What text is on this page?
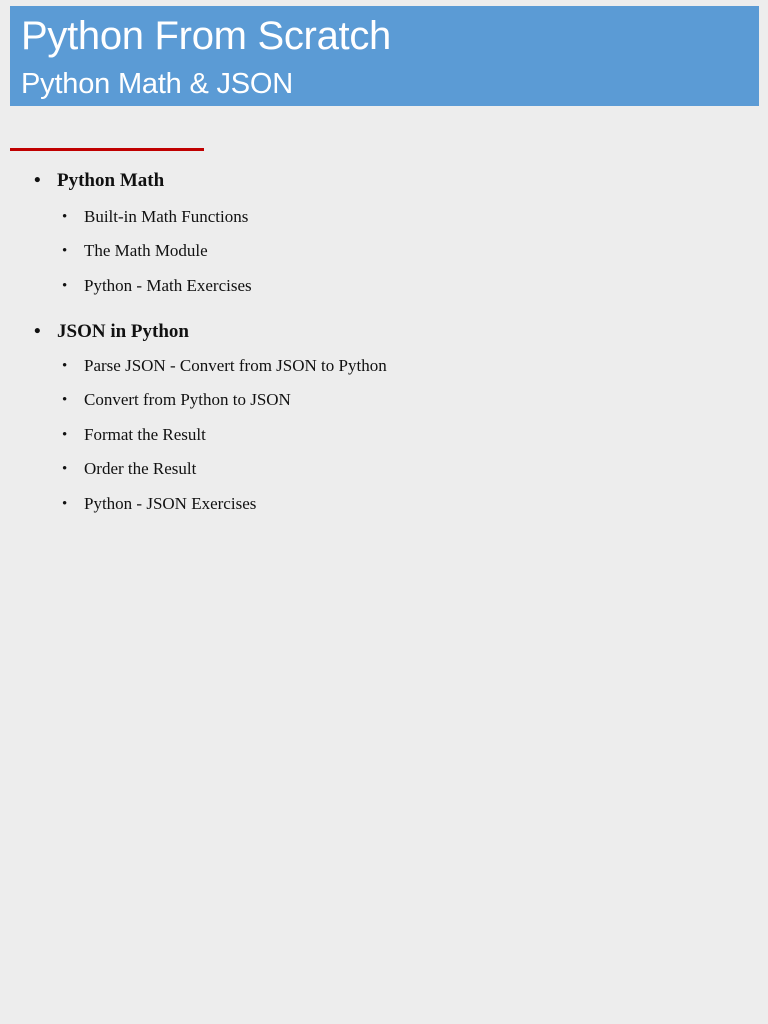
Python From Scratch
Python Math & JSON
• Python Math
• Built-in Math Functions
• The Math Module
• Python - Math Exercises
• JSON in Python
• Parse JSON - Convert from JSON to Python
• Convert from Python to JSON
• Format the Result
• Order the Result
• Python - JSON Exercises
